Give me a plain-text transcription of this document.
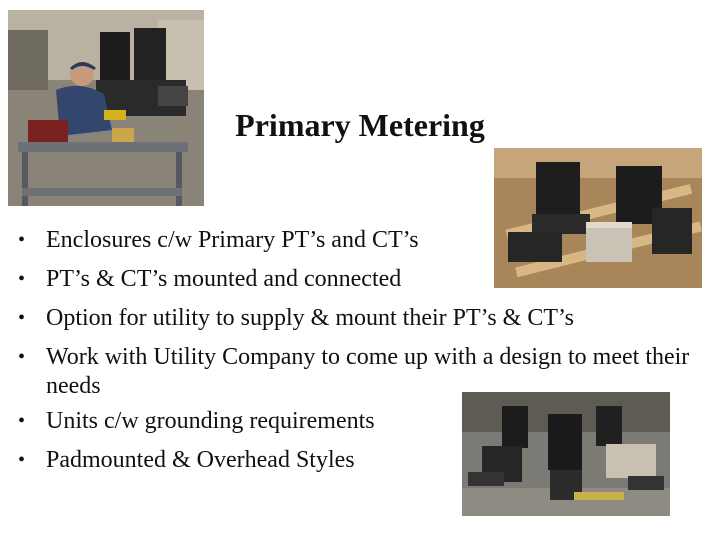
Primary Metering
• Enclosures c/w Primary PT’s and CT’s
• PT’s & CT’s mounted and connected
• Option for utility to supply & mount their PT’s & CT’s
• Work with Utility Company to come up with a design to meet their needs
• Units c/w grounding requirements
• Padmounted & Overhead Styles
